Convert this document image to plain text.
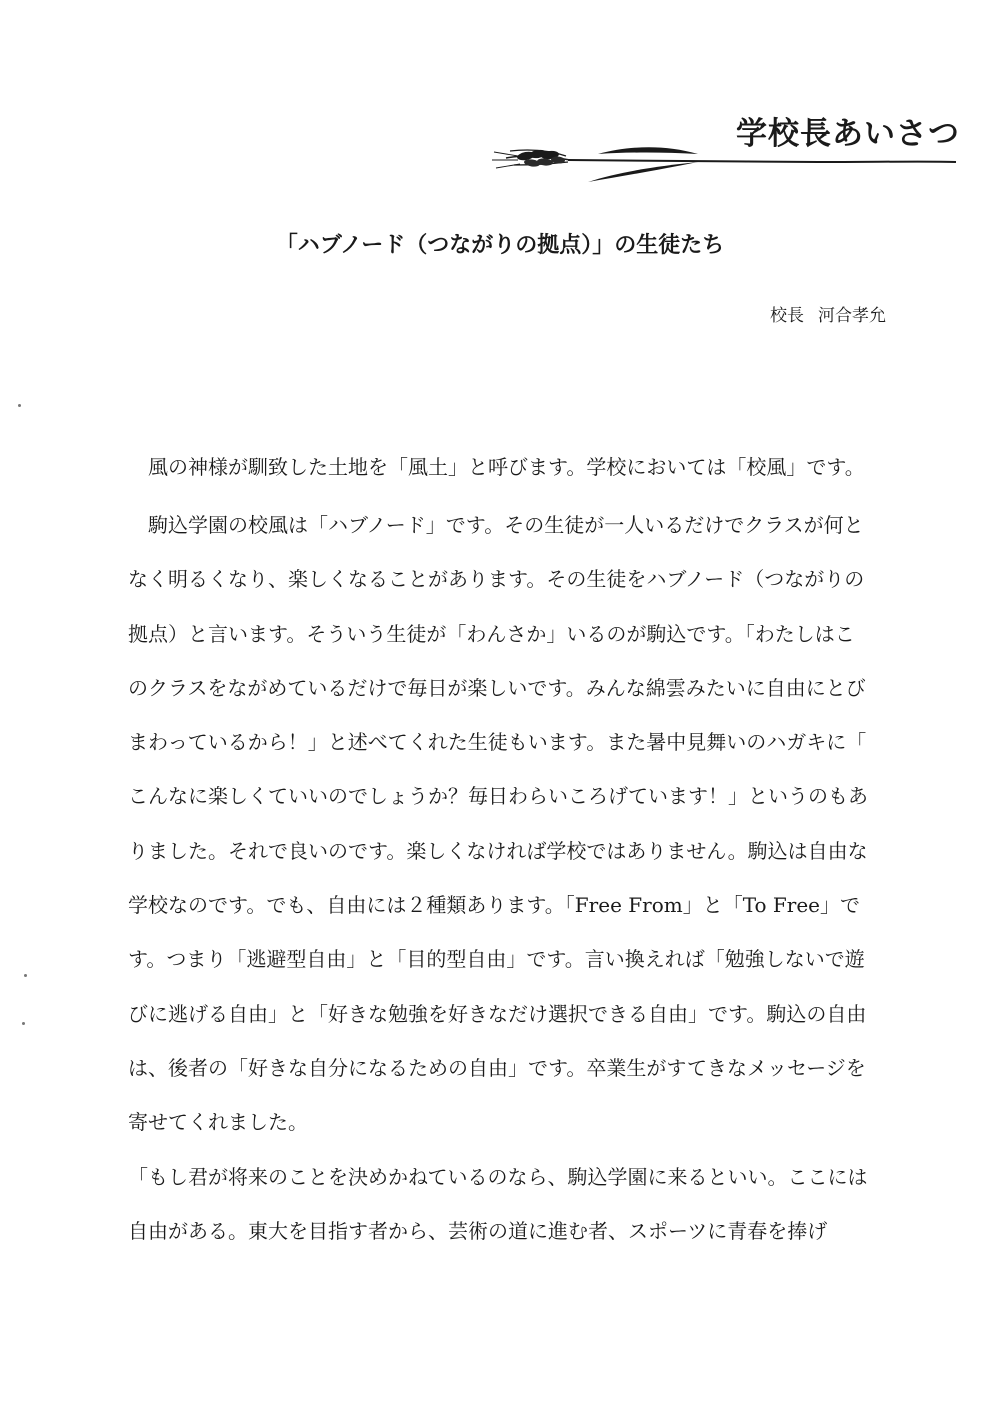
学校長あいさつ
「ハブノード（つながりの拠点）」の生徒たち
校長 河合孝允
　風の神様が馴致した土地を「風土」と呼びます。学校においては「校風」です。
　駒込学園の校風は「ハブノード」です。その生徒が一人いるだけでクラスが何と
なく明るくなり、楽しくなることがあります。その生徒をハブノード（つながりの
拠点）と言います。そういう生徒が「わんさか」いるのが駒込です。「わたしはこ
のクラスをながめているだけで毎日が楽しいです。みんな綿雲みたいに自由にとび
まわっているから！」と述べてくれた生徒もいます。また暑中見舞いのハガキに「
こんなに楽しくていいのでしょうか？毎日わらいころげています！」というのもあ
りました。それで良いのです。楽しくなければ学校ではありません。駒込は自由な
学校なのです。でも、自由には２種類あります。「Free From」と「To Free」で
す。つまり「逃避型自由」と「目的型自由」です。言い換えれば「勉強しないで遊
びに逃げる自由」と「好きな勉強を好きなだけ選択できる自由」です。駒込の自由
は、後者の「好きな自分になるための自由」です。卒業生がすてきなメッセージを
寄せてくれました。
「もし君が将来のことを決めかねているのなら、駒込学園に来るといい。ここには
自由がある。東大を目指す者から、芸術の道に進む者、スポーツに青春を捧げ
